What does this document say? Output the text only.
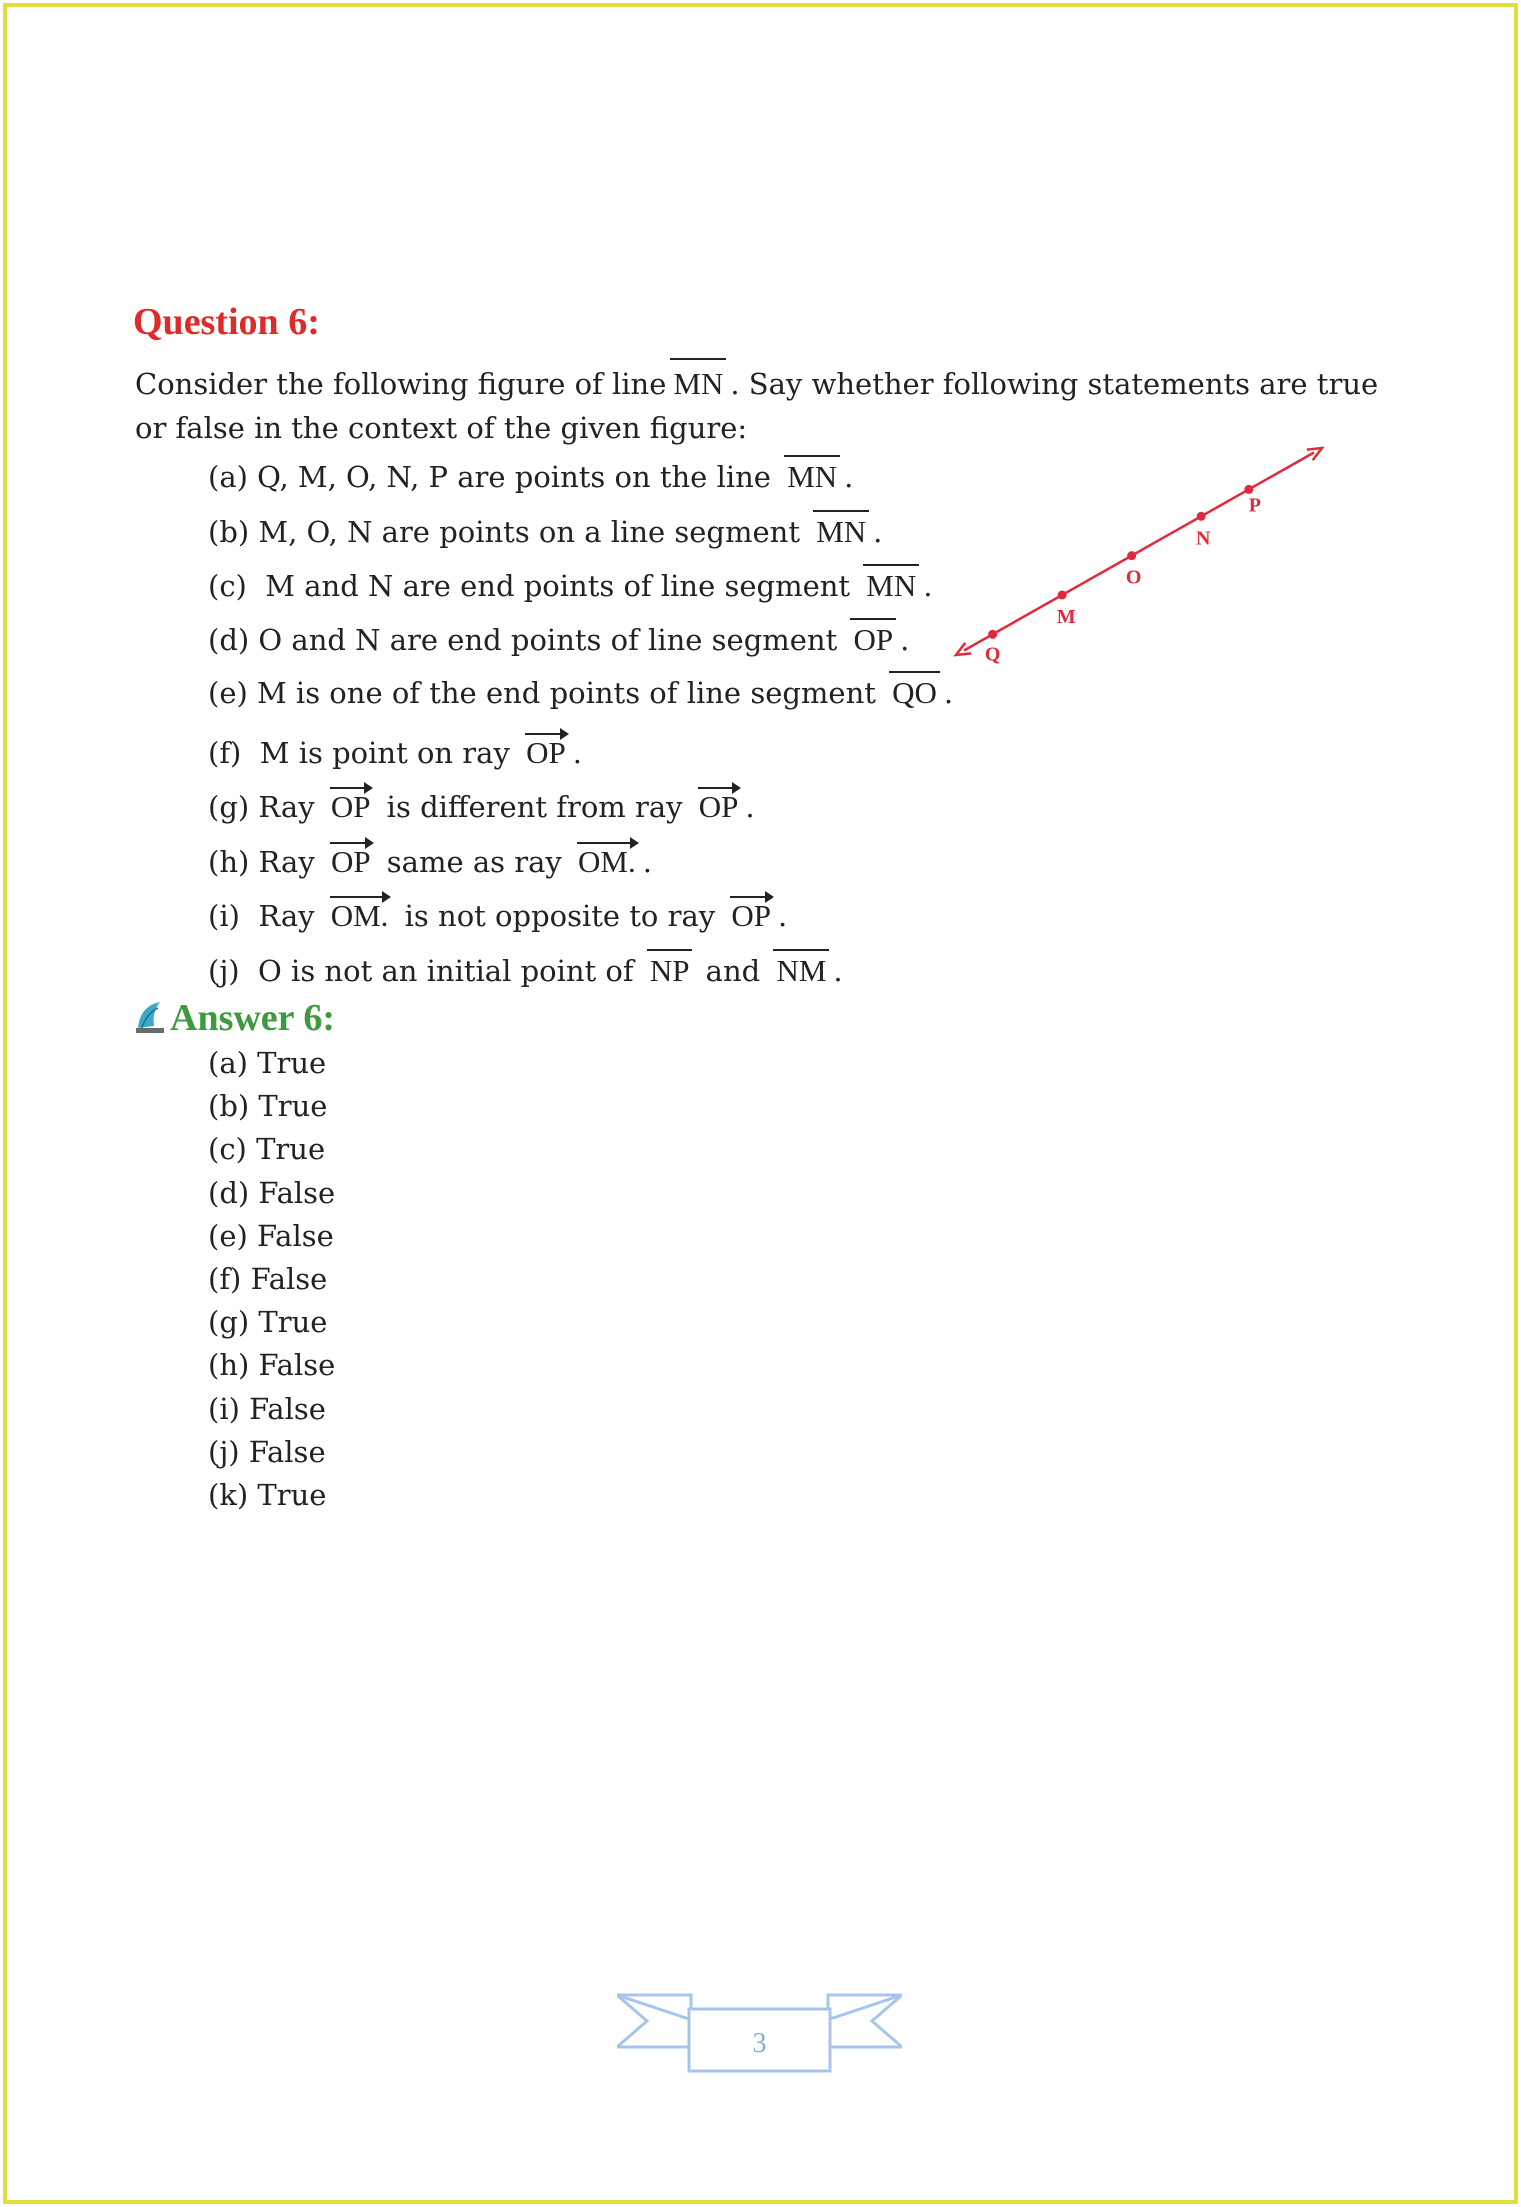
Question 6:
Consider the following figure of line MN . Say whether following statements are true or false in the context of the given figure:
(a) Q, M, O, N, P are points on the line MN .
(b) M, O, N are points on a line segment MN .
(c)  M and N are end points of line segment MN .
(d) O and N are end points of line segment OP .
(e) M is one of the end points of line segment QO .
(f)  M is point on ray OP .
(g) Ray OP is different from ray OP .
(h) Ray OP same as ray OM. .
(i)  Ray OM. is not opposite to ray OP .
(j)  O is not an initial point of NP and NM .
Q
M
O
N
P
Answer 6:
(a) True
(b) True
(c) True
(d) False
(e) False
(f) False
(g) True
(h) False
(i) False
(j) False
(k) True
3
